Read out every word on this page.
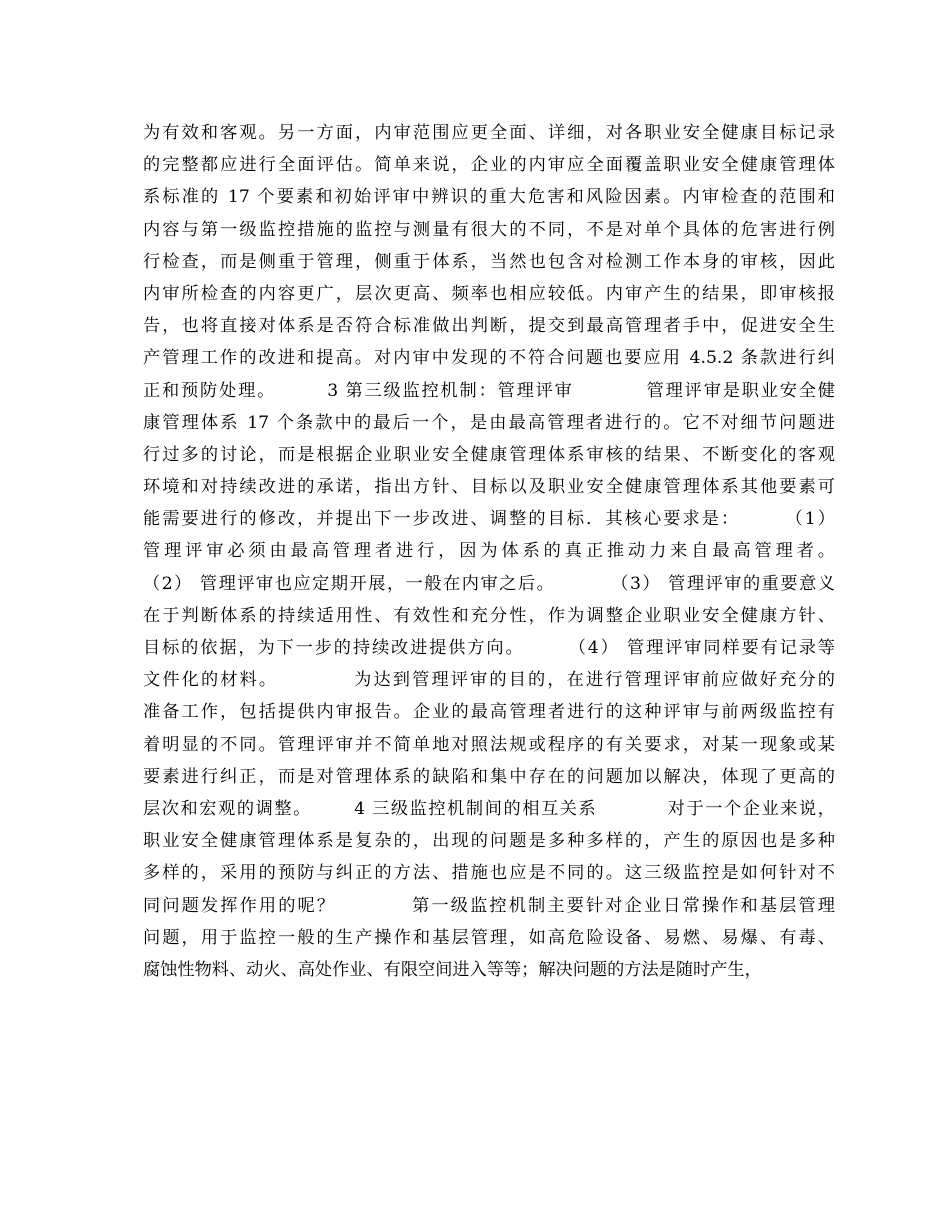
为有效和客观。另一方面，内审范围应更全面、详细，对各职业安全健康目标记录
的完整都应进行全面评估。简单来说，企业的内审应全面覆盖职业安全健康管理体
系标准的 17 个要素和初始评审中辨识的重大危害和风险因素。内审检查的范围和
内容与第一级监控措施的监控与测量有很大的不同，不是对单个具体的危害进行例
行检查，而是侧重于管理，侧重于体系，当然也包含对检测工作本身的审核，因此
内审所检查的内容更广，层次更高、频率也相应较低。内审产生的结果，即审核报
告，也将直接对体系是否符合标准做出判断，提交到最高管理者手中，促进安全生
产管理工作的改进和提高。对内审中发现的不符合问题也要应用 4.5.2 条款进行纠
正和预防处理。       3 第三级监控机制：管理评审          管理评审是职业安全健
康管理体系 17 个条款中的最后一个，是由最高管理者进行的。它不对细节问题进
行过多的讨论，而是根据企业职业安全健康管理体系审核的结果、不断变化的客观
环境和对持续改进的承诺，指出方针、目标以及职业安全健康管理体系其他要素可
能需要进行的修改，并提出下一步改进、调整的目标．其核心要求是：      （1）
管理评审必须由最高管理者进行，因为体系的真正推动力来自最高管理者。
（2） 管理评审也应定期开展，一般在内审之后。        （3） 管理评审的重要意义
在于判断体系的持续适用性、有效性和充分性，作为调整企业职业安全健康方针、
目标的依据，为下一步的持续改进提供方向。      （4） 管理评审同样要有记录等
文件化的材料。          为达到管理评审的目的，在进行管理评审前应做好充分的
准备工作，包括提供内审报告。企业的最高管理者进行的这种评审与前两级监控有
着明显的不同。管理评审并不简单地对照法规或程序的有关要求，对某一现象或某
要素进行纠正，而是对管理体系的缺陷和集中存在的问题加以解决，体现了更高的
层次和宏观的调整。      4 三级监控机制间的相互关系          对于一个企业来说，
职业安全健康管理体系是复杂的，出现的问题是多种多样的，产生的原因也是多种
多样的，采用的预防与纠正的方法、措施也应是不同的。这三级监控是如何针对不
同问题发挥作用的呢？          第一级监控机制主要针对企业日常操作和基层管理
问题，用于监控一般的生产操作和基层管理，如高危险设备、易燃、易爆、有毒、
腐蚀性物料、动火、高处作业、有限空间进入等等；解决问题的方法是随时产生，
